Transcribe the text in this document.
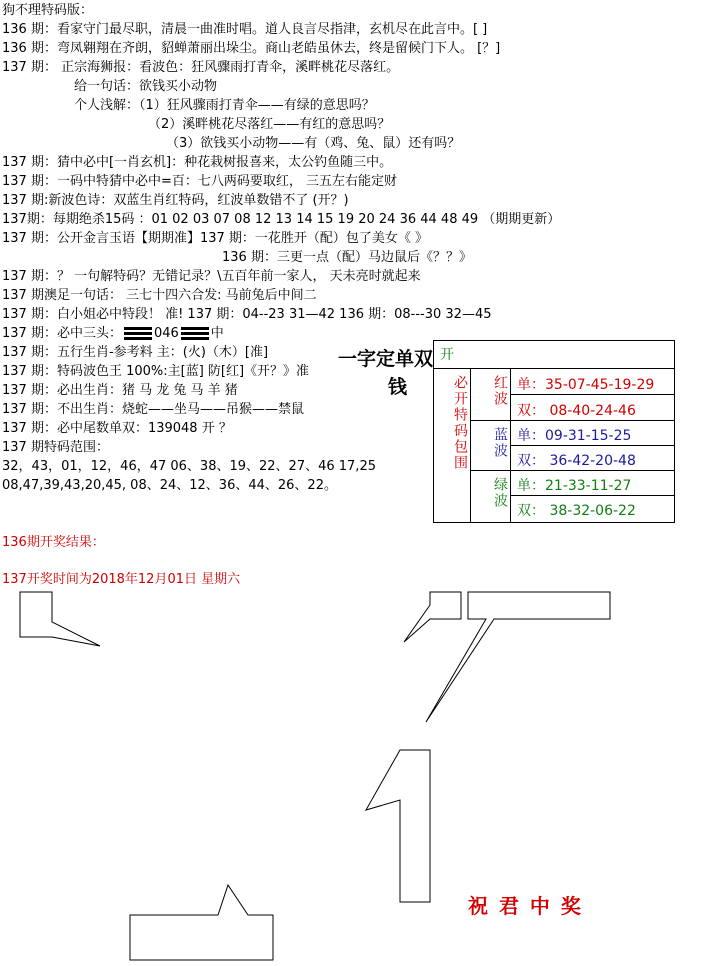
狗不理特码版：
136 期：看家守门最尽职，清晨一曲准时唱。道人良言尽指津，玄机尽在此言中。[ ]
136 期：弯凤翱翔在齐朗，貂蝉萧丽出垛尘。商山老皓虽休去，终是留候门下人。 [？]
137 期： 正宗海狮报：看波色：狂风骤雨打青伞，溪畔桃花尽落红。
给一句话：欲钱买小动物
个人浅解：（1）狂风骤雨打青伞——有绿的意思吗？
（2）溪畔桃花尽落红——有红的意思吗？
（3）欲钱买小动物——有（鸡、兔、鼠）还有吗？
137 期：猜中必中[一肖玄机]：种花栽树报喜来，太公钓鱼随三中。
137 期：一码中特猜中必中=百：七八两码要取红， 三五左右能定财
137 期:新波色诗：双蓝生肖红特码，红波单数错不了 (开？)
137期：每期绝杀15码 ：01 02 03 07 08 12 13 14 15 19 20 24 36 44 48 49 （期期更新）
137 期：公开金言玉语【期期准】137 期：一花胜开（配）包了美女《 》
136 期：三更一点（配）马边鼠后《？？》
137 期：？ 一句解特码？无错记录？\五百年前一家人， 天未亮时就起来
137 期澳足一句话： 三七十四六合发: 马前兔后中间二
137 期：白小姐必中特段！ 准! 137 期：04--23 31—42 136 期：08---30 32—45
137 期：必中三头： 046 中
137 期：五行生肖-参考料 主：(火)（木）[准]
137 期：特码波色王 100%:主[蓝] 防[红]《开？》准
137 期：必出生肖：猪 马 龙 兔 马 羊 猪
137 期：不出生肖：烧蛇——坐马——吊猴——禁鼠
137 期：必中尾数单双：139048 开 ？
137 期特码范围：
32，43，01，12，46，47 06、38、19、22、27、46 17,25
08,47,39,43,20,45, 08、24、12、36、44、26、22。
一字定单双
钱
136期开奖结果：
137开奖时间为2018年12月01日 星期六
祝 君 中 奖
开
必开特码包围	红波 单：35-07-45-19-29
双： 08-40-24-46
蓝波 单：09-31-15-25
双： 36-42-20-48
绿波 单：21-33-11-27
双： 38-32-06-22
